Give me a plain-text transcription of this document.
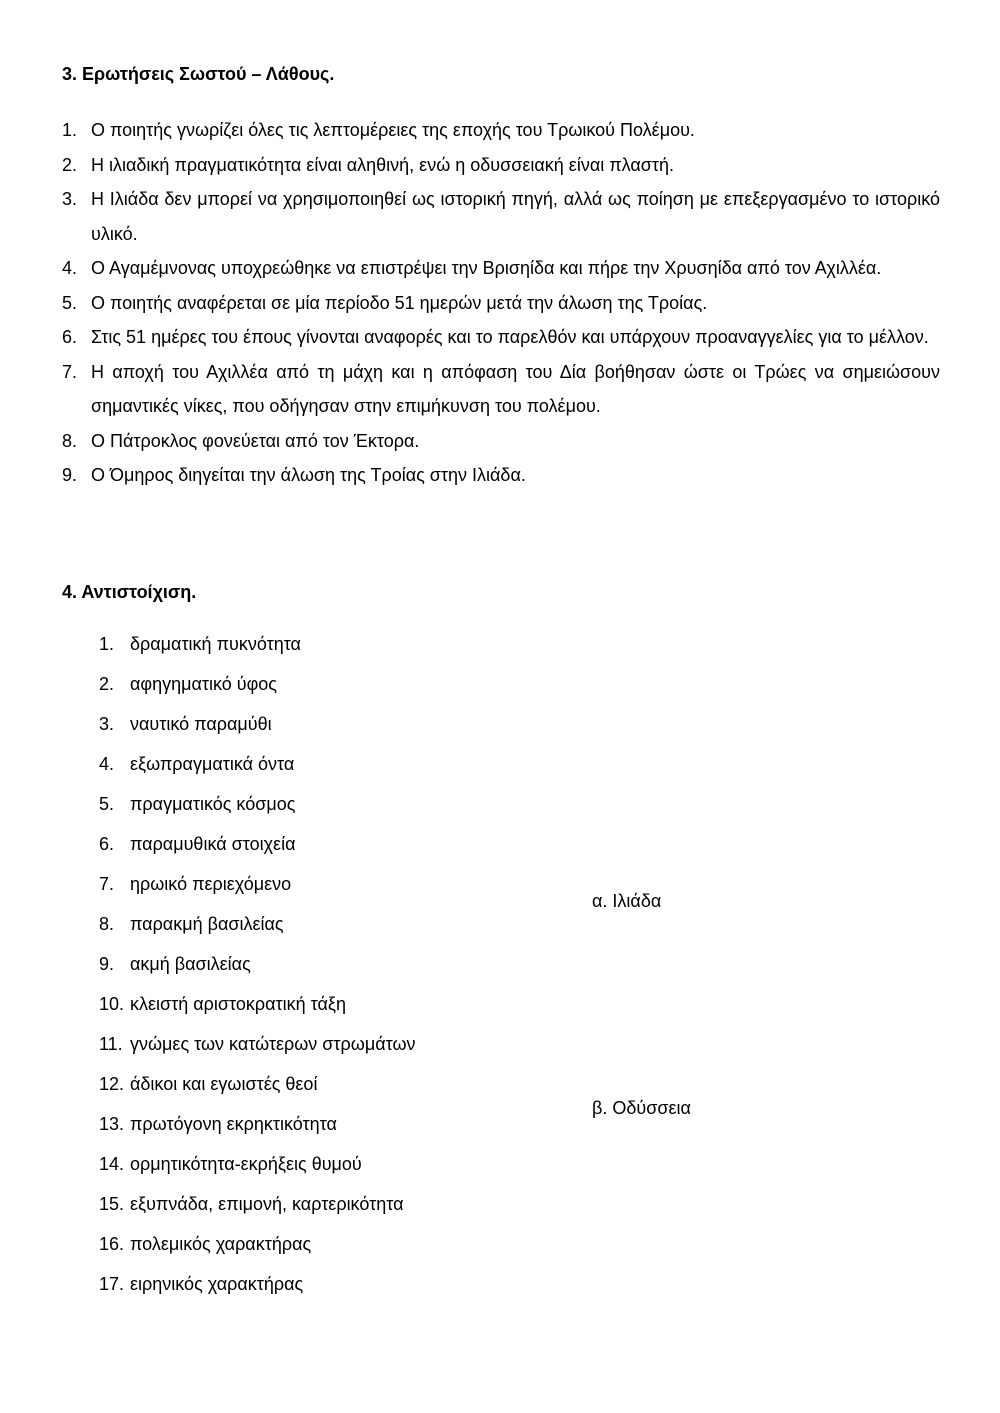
3. Ερωτήσεις Σωστού – Λάθους.
1. Ο ποιητής γνωρίζει όλες τις λεπτομέρειες της εποχής του Τρωικού Πολέμου.
2. Η ιλιαδική πραγματικότητα είναι αληθινή, ενώ η οδυσσειακή είναι πλαστή.
3. Η Ιλιάδα δεν μπορεί να χρησιμοποιηθεί ως ιστορική πηγή, αλλά ως ποίηση με επεξεργασμένο το ιστορικό υλικό.
4. Ο Αγαμέμνονας υποχρεώθηκε να επιστρέψει την Βρισηίδα και πήρε την Χρυσηίδα από τον Αχιλλέα.
5. Ο ποιητής αναφέρεται σε μία περίοδο 51 ημερών μετά την άλωση της Τροίας.
6. Στις 51 ημέρες του έπους γίνονται αναφορές και το παρελθόν και υπάρχουν προαναγγελίες για το μέλλον.
7. Η αποχή του Αχιλλέα από τη μάχη και η απόφαση του Δία βοήθησαν ώστε οι Τρώες να σημειώσουν σημαντικές νίκες, που οδήγησαν στην επιμήκυνση του πολέμου.
8. Ο Πάτροκλος φονεύεται από τον Έκτορα.
9. Ο Όμηρος διηγείται την άλωση της Τροίας στην Ιλιάδα.
4. Αντιστοίχιση.
1. δραματική πυκνότητα
2. αφηγηματικό ύφος
3. ναυτικό παραμύθι
4. εξωπραγματικά όντα
5. πραγματικός κόσμος
6. παραμυθικά στοιχεία
7. ηρωικό περιεχόμενο
8. παρακμή βασιλείας
9. ακμή βασιλείας
10. κλειστή αριστοκρατική τάξη
11. γνώμες των κατώτερων στρωμάτων
12. άδικοι και εγωιστές θεοί
13. πρωτόγονη εκρηκτικότητα
14. ορμητικότητα-εκρήξεις θυμού
15. εξυπνάδα, επιμονή, καρτερικότητα
16. πολεμικός χαρακτήρας
17. ειρηνικός χαρακτήρας
α. Ιλιάδα
β. Οδύσσεια
